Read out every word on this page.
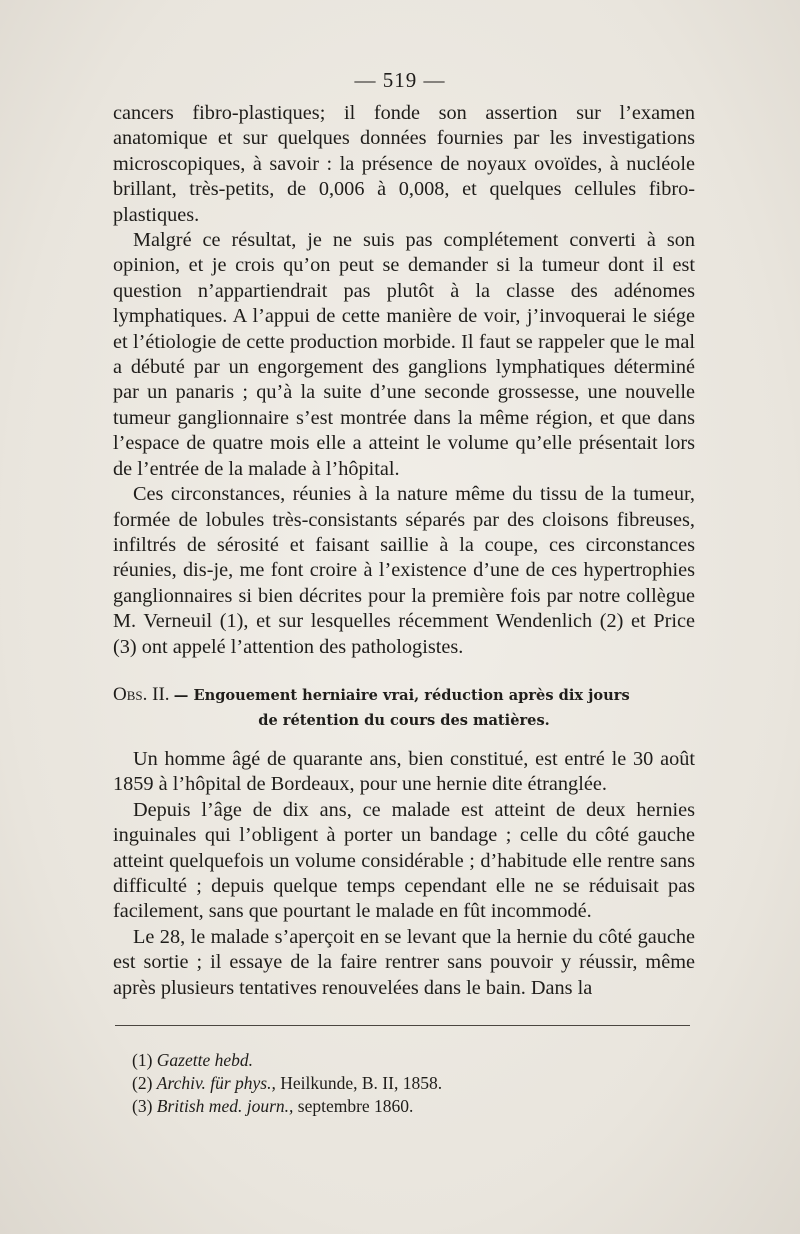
— 519 —

cancers fibro-plastiques; il fonde son assertion sur l’examen anatomique et sur quelques données fournies par les investigations microscopiques, à savoir : la présence de noyaux ovoïdes, à nucléole brillant, très-petits, de 0,006 à 0,008, et quelques cellules fibro-plastiques.

Malgré ce résultat, je ne suis pas complétement converti à son opinion, et je crois qu’on peut se demander si la tumeur dont il est question n’appartiendrait pas plutôt à la classe des adénomes lymphatiques. A l’appui de cette manière de voir, j’invoquerai le siége et l’étiologie de cette production morbide. Il faut se rappeler que le mal a débuté par un engorgement des ganglions lymphatiques déterminé par un panaris ; qu’à la suite d’une seconde grossesse, une nouvelle tumeur ganglionnaire s’est montrée dans la même région, et que dans l’espace de quatre mois elle a atteint le volume qu’elle présentait lors de l’entrée de la malade à l’hôpital.

Ces circonstances, réunies à la nature même du tissu de la tumeur, formée de lobules très-consistants séparés par des cloisons fibreuses, infiltrés de sérosité et faisant saillie à la coupe, ces circonstances réunies, dis-je, me font croire à l’existence d’une de ces hypertrophies ganglionnaires si bien décrites pour la première fois par notre collègue M. Verneuil (1), et sur lesquelles récemment Wendenlich (2) et Price (3) ont appelé l’attention des pathologistes.

Obs. II. — Engouement herniaire vrai, réduction après dix jours
de rétention du cours des matières.

Un homme âgé de quarante ans, bien constitué, est entré le 30 août 1859 à l’hôpital de Bordeaux, pour une hernie dite étranglée.

Depuis l’âge de dix ans, ce malade est atteint de deux hernies inguinales qui l’obligent à porter un bandage ; celle du côté gauche atteint quelquefois un volume considérable ; d’habitude elle rentre sans difficulté ; depuis quelque temps cependant elle ne se réduisait pas facilement, sans que pourtant le malade en fût incommodé.

Le 28, le malade s’aperçoit en se levant que la hernie du côté gauche est sortie ; il essaye de la faire rentrer sans pouvoir y réussir, même après plusieurs tentatives renouvelées dans le bain. Dans la

(1) Gazette hebd.
(2) Archiv. für phys., Heilkunde, B. II, 1858.
(3) British med. journ., septembre 1860.
